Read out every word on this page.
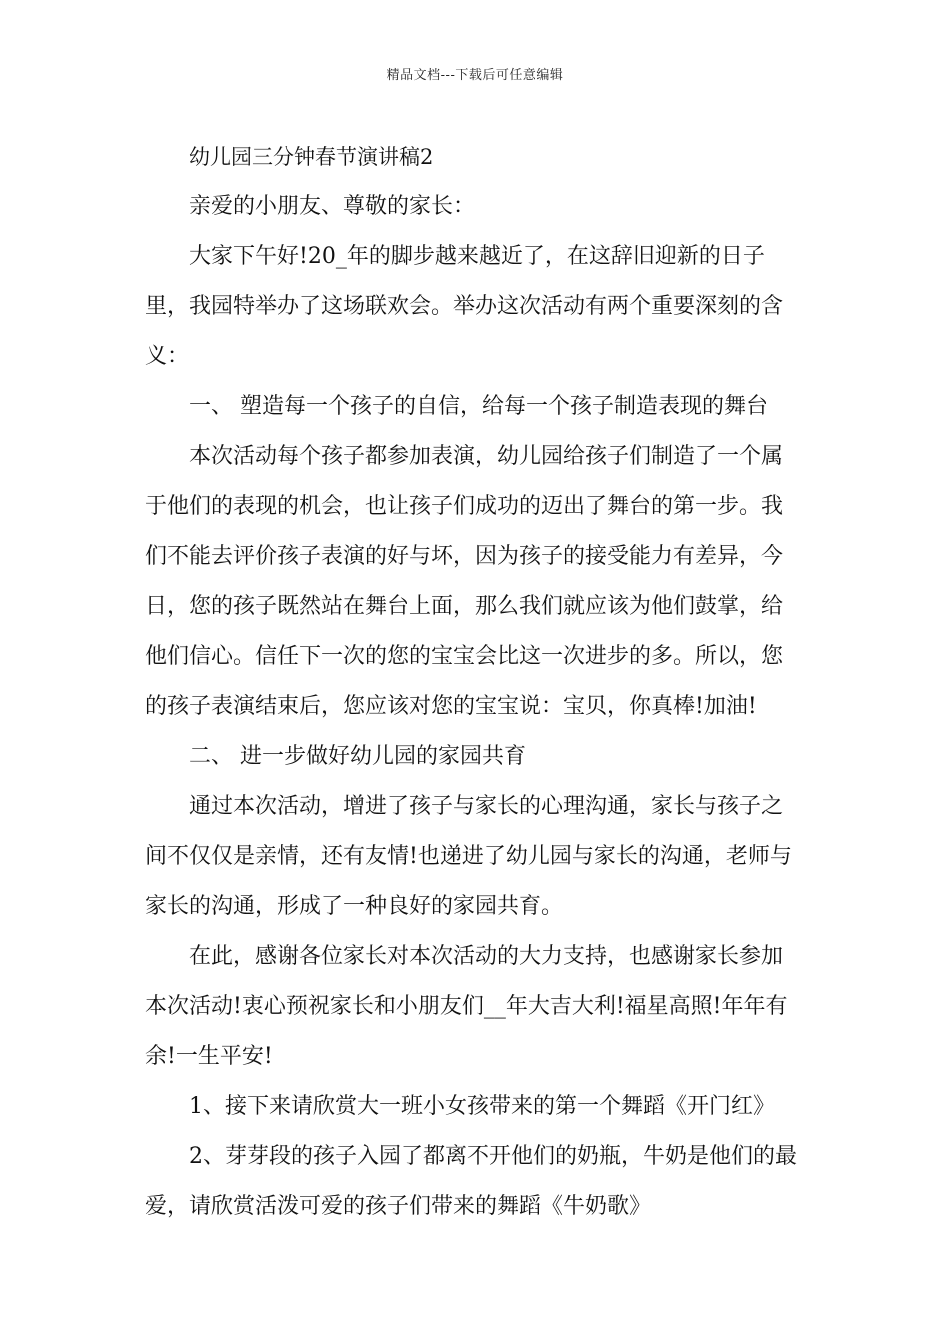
精品文档---下载后可任意编辑
幼儿园三分钟春节演讲稿2
亲爱的小朋友、尊敬的家长：
大家下午好!20_年的脚步越来越近了，在这辞旧迎新的日子
里，我园特举办了这场联欢会。举办这次活动有两个重要深刻的含
义：
一、 塑造每一个孩子的自信，给每一个孩子制造表现的舞台
本次活动每个孩子都参加表演，幼儿园给孩子们制造了一个属
于他们的表现的机会，也让孩子们成功的迈出了舞台的第一步。我
们不能去评价孩子表演的好与坏，因为孩子的接受能力有差异，今
日，您的孩子既然站在舞台上面，那么我们就应该为他们鼓掌，给
他们信心。信任下一次的您的宝宝会比这一次进步的多。所以，您
的孩子表演结束后，您应该对您的宝宝说：宝贝，你真棒!加油!
二、 进一步做好幼儿园的家园共育
通过本次活动，增进了孩子与家长的心理沟通，家长与孩子之
间不仅仅是亲情，还有友情!也递进了幼儿园与家长的沟通，老师与
家长的沟通，形成了一种良好的家园共育。
在此，感谢各位家长对本次活动的大力支持，也感谢家长参加
本次活动!衷心预祝家长和小朋友们__年大吉大利!福星高照!年年有
余!一生平安!
1、接下来请欣赏大一班小女孩带来的第一个舞蹈《开门红》
2、芽芽段的孩子入园了都离不开他们的奶瓶，牛奶是他们的最
爱，请欣赏活泼可爱的孩子们带来的舞蹈《牛奶歌》
